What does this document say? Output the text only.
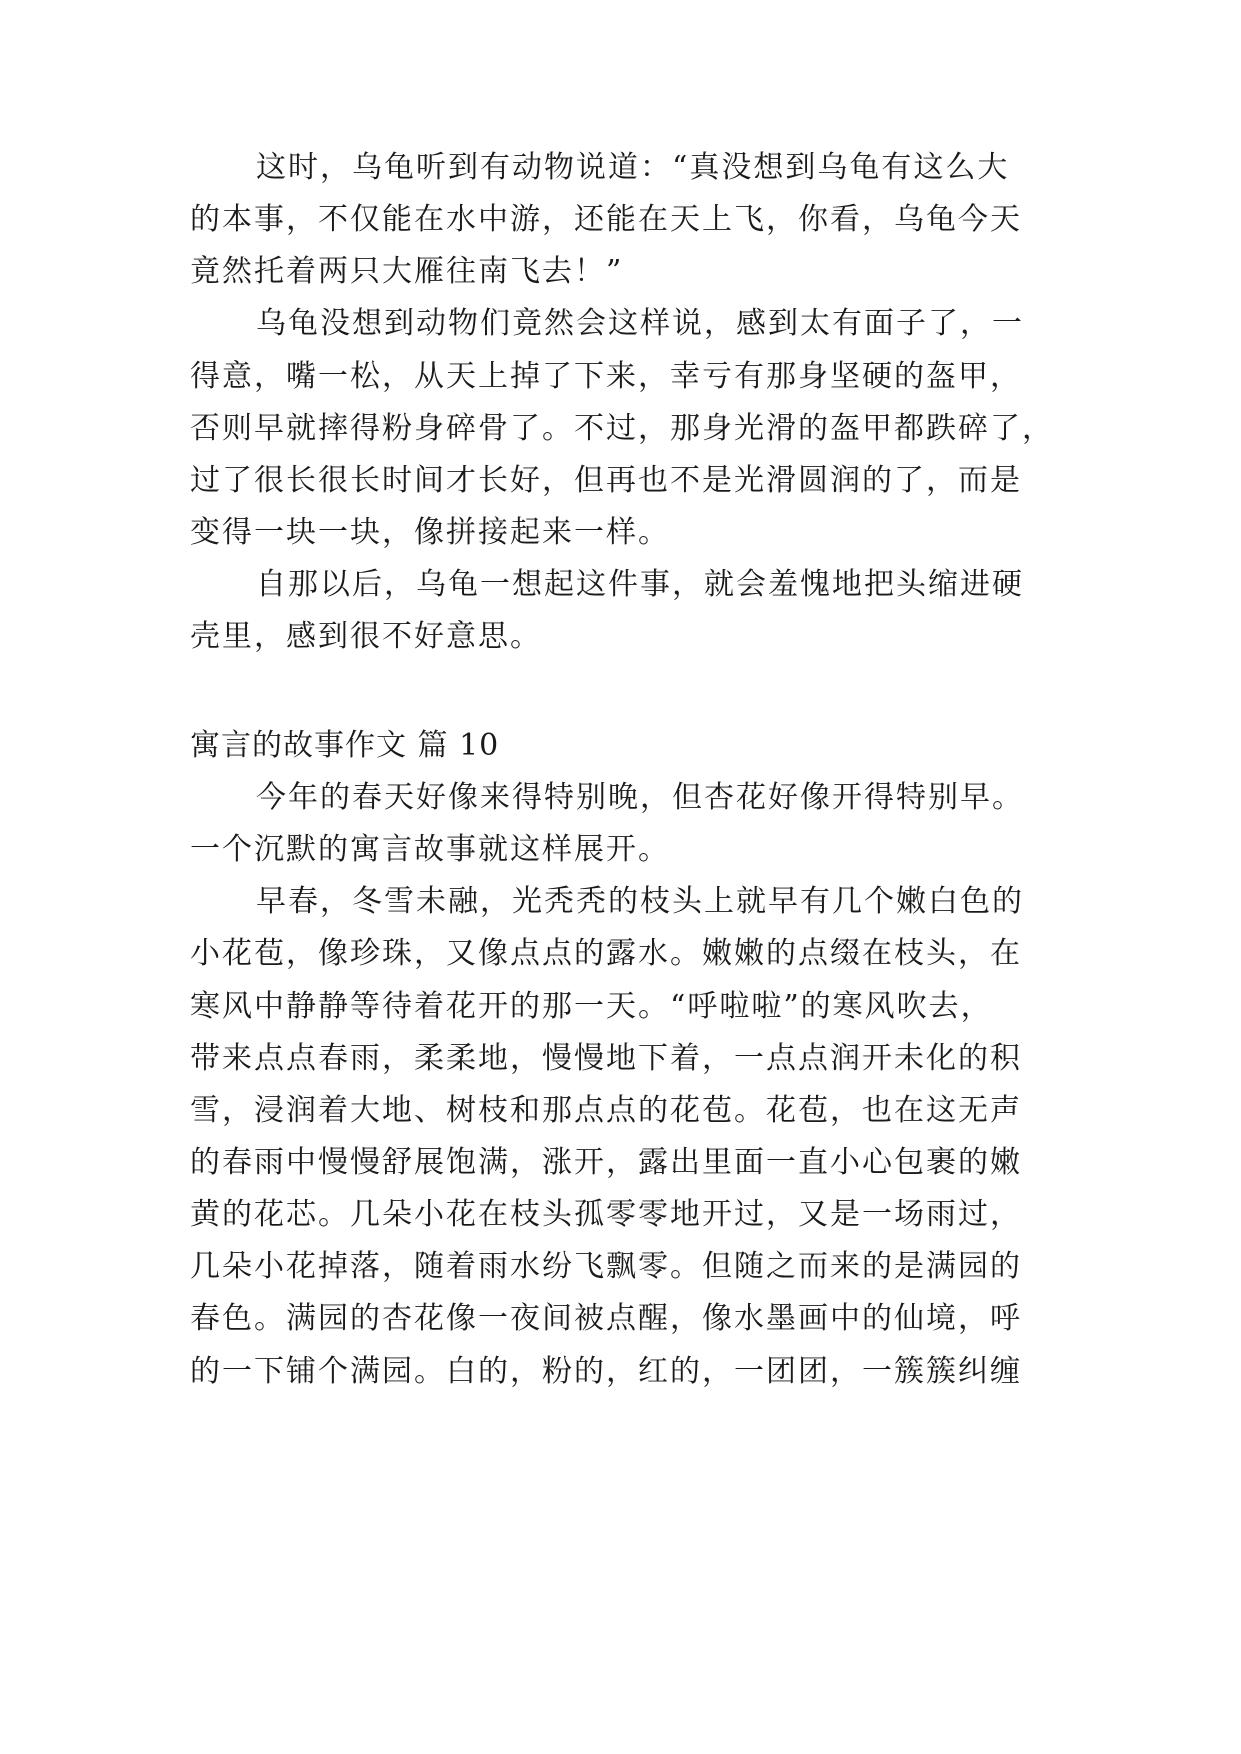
这时，乌龟听到有动物说道：“真没想到乌龟有这么大
的本事，不仅能在水中游，还能在天上飞，你看，乌龟今天
竟然托着两只大雁往南飞去！”
乌龟没想到动物们竟然会这样说，感到太有面子了，一
得意，嘴一松，从天上掉了下来，幸亏有那身坚硬的盔甲，
否则早就摔得粉身碎骨了。不过，那身光滑的盔甲都跌碎了，
过了很长很长时间才长好，但再也不是光滑圆润的了，而是
变得一块一块，像拼接起来一样。
自那以后，乌龟一想起这件事，就会羞愧地把头缩进硬
壳里，感到很不好意思。
寓言的故事作文 篇 10
今年的春天好像来得特别晚，但杏花好像开得特别早。
一个沉默的寓言故事就这样展开。
早春，冬雪未融，光秃秃的枝头上就早有几个嫩白色的
小花苞，像珍珠，又像点点的露水。嫩嫩的点缀在枝头，在
寒风中静静等待着花开的那一天。“呼啦啦”的寒风吹去，
带来点点春雨，柔柔地，慢慢地下着，一点点润开未化的积
雪，浸润着大地、树枝和那点点的花苞。花苞，也在这无声
的春雨中慢慢舒展饱满，涨开，露出里面一直小心包裹的嫩
黄的花芯。几朵小花在枝头孤零零地开过，又是一场雨过，
几朵小花掉落，随着雨水纷飞飘零。但随之而来的是满园的
春色。满园的杏花像一夜间被点醒，像水墨画中的仙境，呼
的一下铺个满园。白的，粉的，红的，一团团，一簇簇纠缠
